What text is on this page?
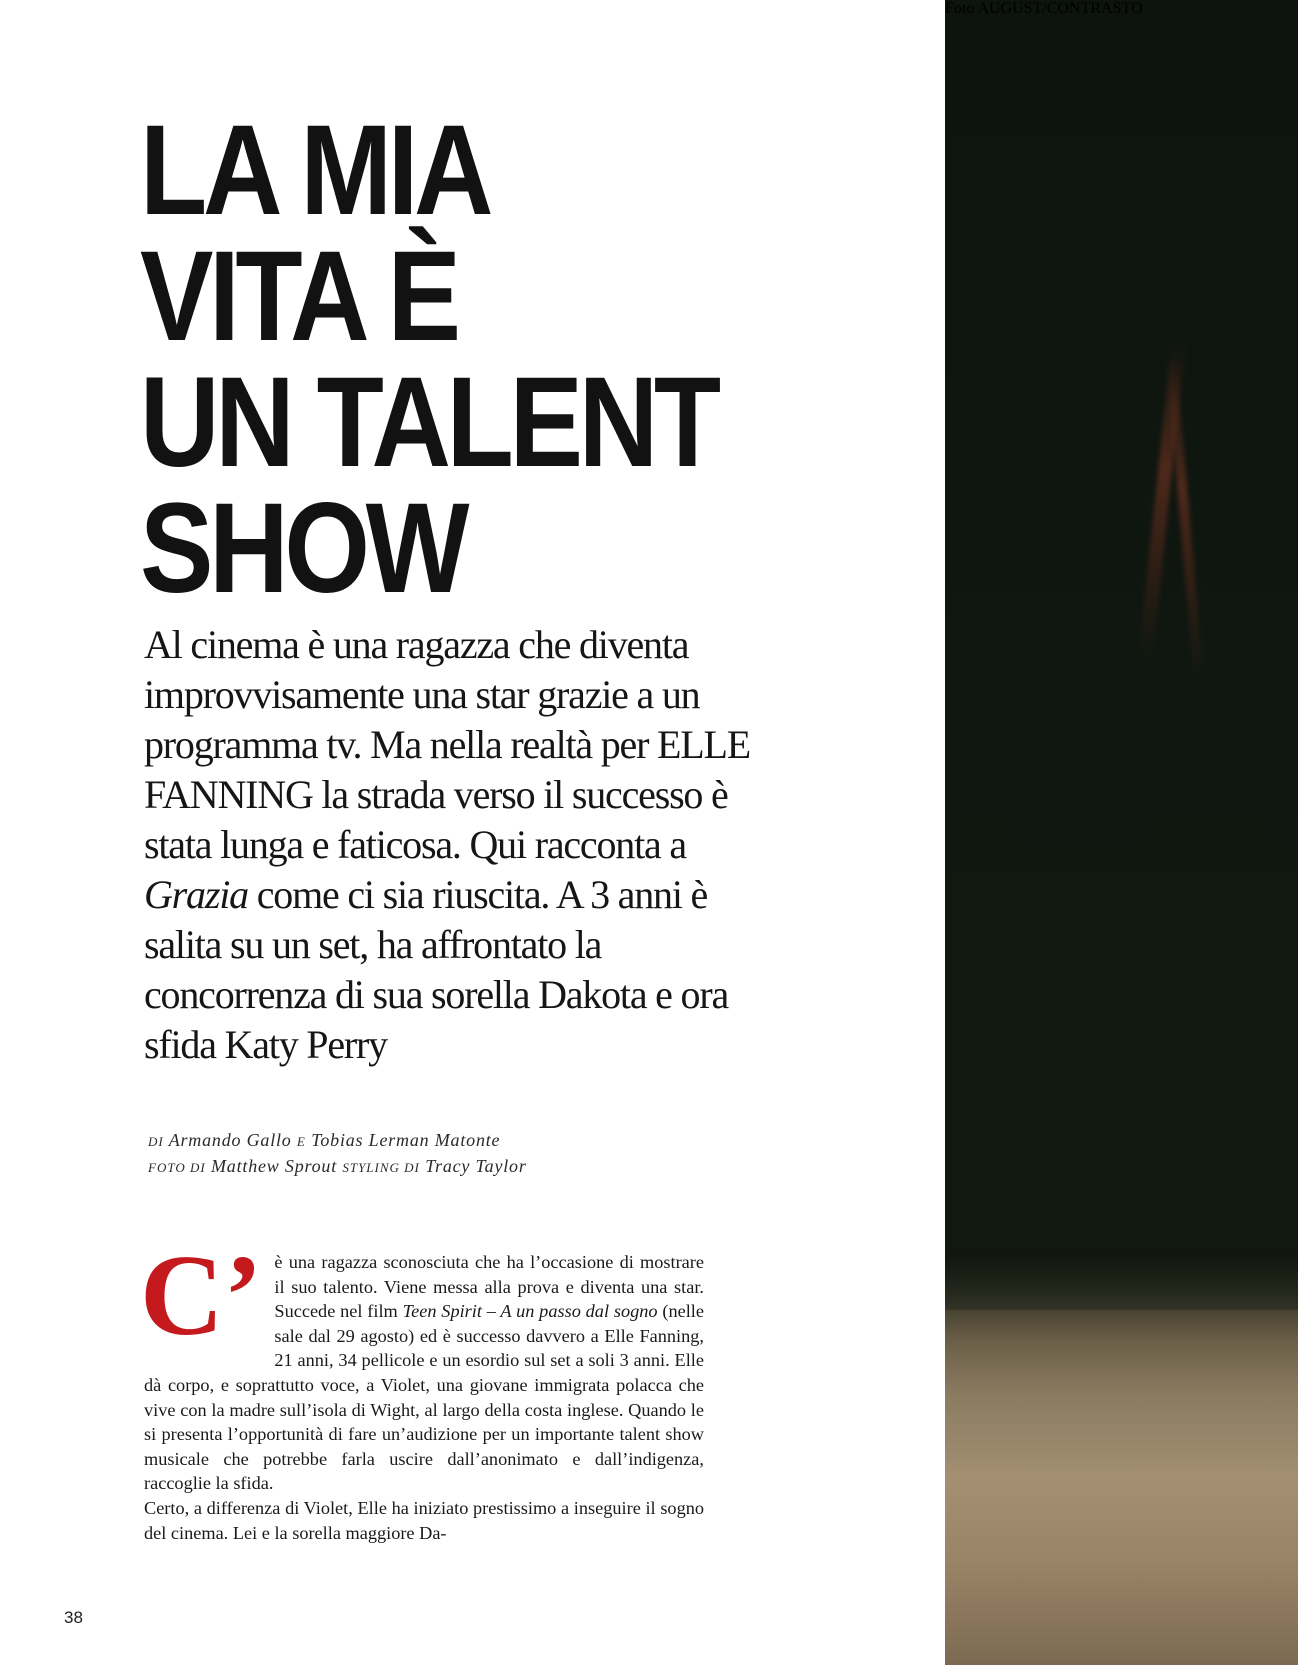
Foto AUGUST/CONTRASTO
LA MIA
VITA È
UN TALENT
SHOW

Al cinema è una ragazza che diventa improvvisamente una star grazie a un programma tv. Ma nella realtà per ELLE FANNING la strada verso il successo è stata lunga e faticosa. Qui racconta a Grazia come ci sia riuscita. A 3 anni è salita su un set, ha affrontato la concorrenza di sua sorella Dakota e ora sfida Katy Perry

DI Armando Gallo E Tobias Lerman Matonte
FOTO DI Matthew Sprout STYLING DI Tracy Taylor

C’ è una ragazza sconosciuta che ha l’occasione di mostrare il suo talento. Viene messa alla prova e diventa una star. Succede nel film Teen Spirit – A un passo dal sogno (nelle sale dal 29 agosto) ed è successo davvero a Elle Fanning, 21 anni, 34 pellicole e un esordio sul set a soli 3 anni. Elle dà corpo, e soprattutto voce, a Violet, una giovane immigrata polacca che vive con la madre sull’isola di Wight, al largo della costa inglese. Quando le si presenta l’opportunità di fare un’audizione per un importante talent show musicale che potrebbe farla uscire dall’anonimato e dall’indigenza, raccoglie la sfida.

Certo, a differenza di Violet, Elle ha iniziato prestissimo a inseguire il sogno del cinema. Lei e la sorella maggiore Da-

38
